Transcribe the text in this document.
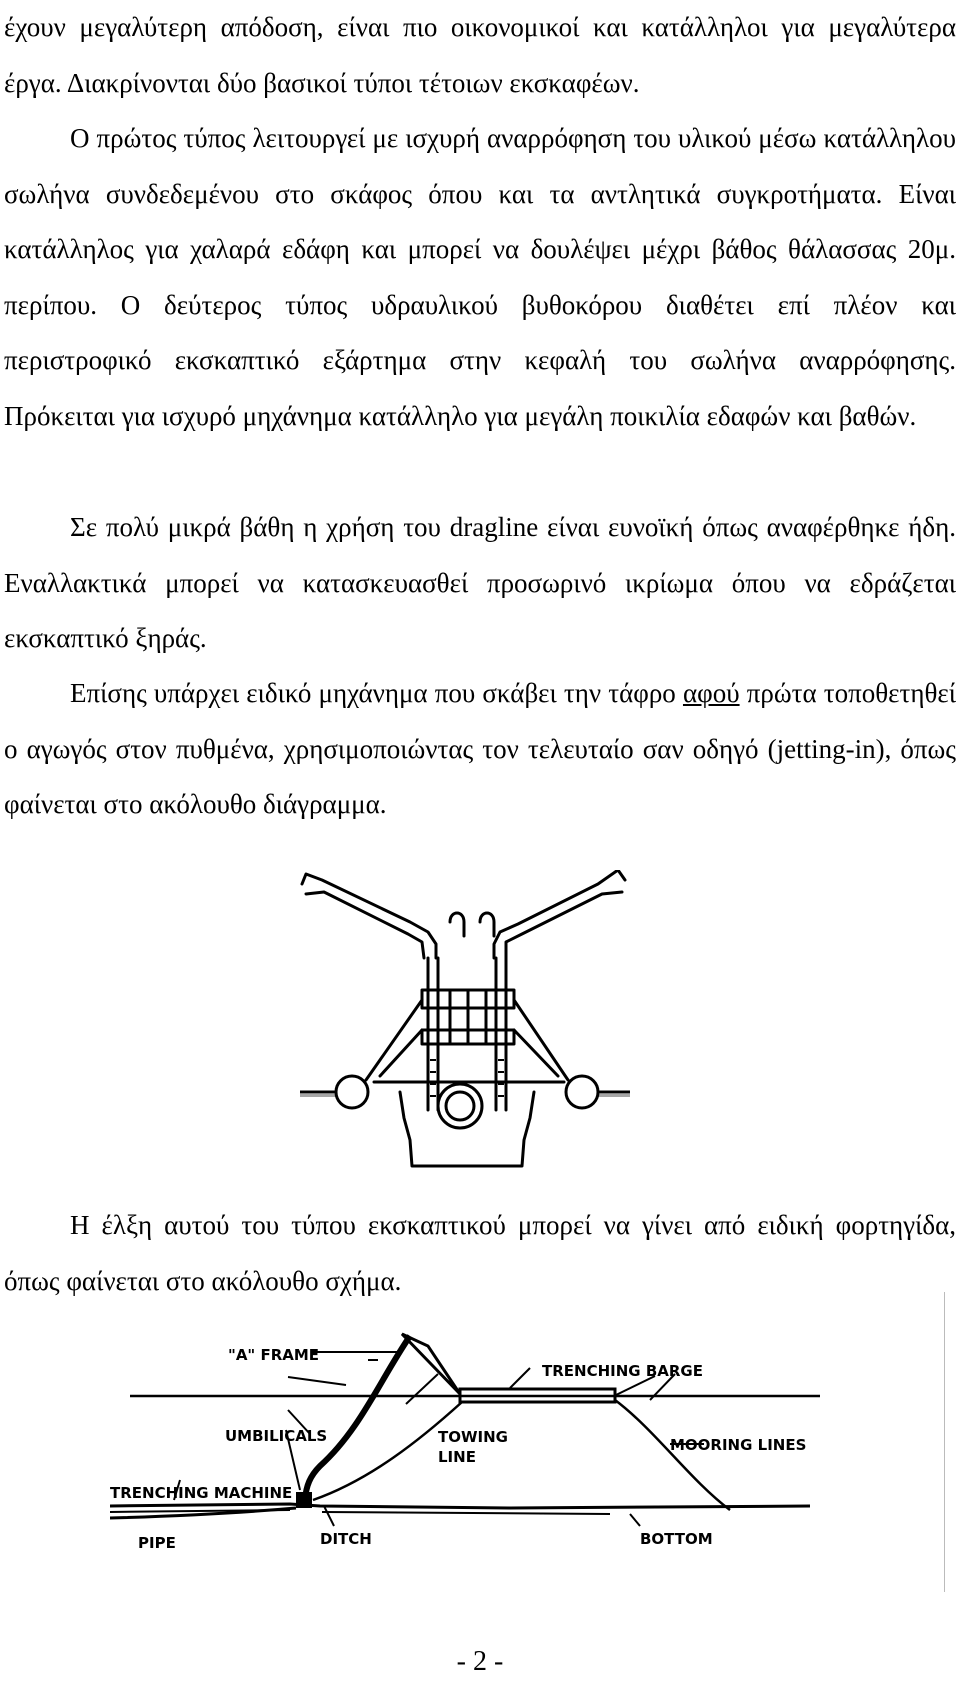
έχουν μεγαλύτερη απόδοση, είναι πιο οικονομικοί και κατάλληλοι για μεγαλύτερα έργα. Διακρίνονται δύο βασικοί τύποι τέτοιων εκσκαφέων.

Ο πρώτος τύπος λειτουργεί με ισχυρή αναρρόφηση του υλικού μέσω κατάλληλου σωλήνα συνδεδεμένου στο σκάφος όπου και τα αντλητικά συγκροτήματα. Είναι κατάλληλος για χαλαρά εδάφη και μπορεί να δουλέψει μέχρι βάθος θάλασσας 20μ. περίπου. Ο δεύτερος τύπος υδραυλικού βυθοκόρου διαθέτει επί πλέον και περιστροφικό εκσκαπτικό εξάρτημα στην κεφαλή του σωλήνα αναρρόφησης. Πρόκειται για ισχυρό μηχάνημα κατάλληλο για μεγάλη ποικιλία εδαφών και βαθών.

Σε πολύ μικρά βάθη η χρήση του dragline είναι ευνοϊκή όπως αναφέρθηκε ήδη. Εναλλακτικά μπορεί να κατασκευασθεί προσωρινό ικρίωμα όπου να εδράζεται εκσκαπτικό ξηράς.

Επίσης υπάρχει ειδικό μηχάνημα που σκάβει την τάφρο αφού πρώτα τοποθετηθεί ο αγωγός στον πυθμένα, χρησιμοποιώντας τον τελευταίο σαν οδηγό (jetting-in), όπως φαίνεται στο ακόλουθο διάγραμμα.

Η έλξη αυτού του τύπου εκσκαπτικού μπορεί να γίνει από ειδική φορτηγίδα, όπως φαίνεται στο ακόλουθο σχήμα.

"A" FRAME
TRENCHING BARGE
UMBILICALS	TOWING
LINE
MOORING LINES
TRENCHING MACHINE
PIPE	DITCH	BOTTOM
- 2 -
